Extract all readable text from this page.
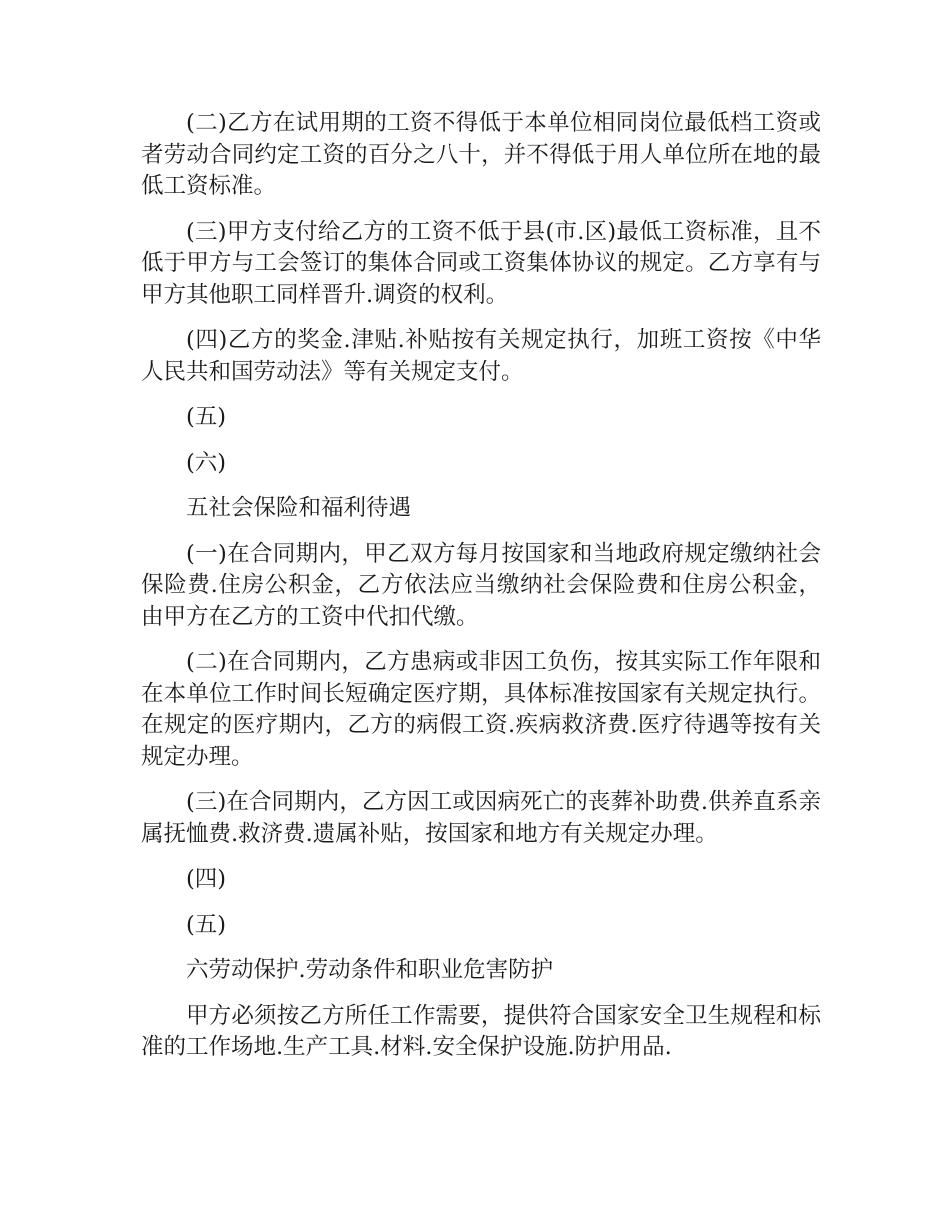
(二)乙方在试用期的工资不得低于本单位相同岗位最低档工资或者劳动合同约定工资的百分之八十，并不得低于用人单位所在地的最低工资标准。

(三)甲方支付给乙方的工资不低于县(市.区)最低工资标准，且不低于甲方与工会签订的集体合同或工资集体协议的规定。乙方享有与甲方其他职工同样晋升.调资的权利。

(四)乙方的奖金.津贴.补贴按有关规定执行，加班工资按《中华人民共和国劳动法》等有关规定支付。

(五)

(六)

五社会保险和福利待遇

(一)在合同期内，甲乙双方每月按国家和当地政府规定缴纳社会保险费.住房公积金，乙方依法应当缴纳社会保险费和住房公积金，由甲方在乙方的工资中代扣代缴。

(二)在合同期内，乙方患病或非因工负伤，按其实际工作年限和在本单位工作时间长短确定医疗期，具体标准按国家有关规定执行。在规定的医疗期内，乙方的病假工资.疾病救济费.医疗待遇等按有关规定办理。

(三)在合同期内，乙方因工或因病死亡的丧葬补助费.供养直系亲属抚恤费.救济费.遗属补贴，按国家和地方有关规定办理。

(四)

(五)

六劳动保护.劳动条件和职业危害防护

甲方必须按乙方所任工作需要，提供符合国家安全卫生规程和标准的工作场地.生产工具.材料.安全保护设施.防护用品.
